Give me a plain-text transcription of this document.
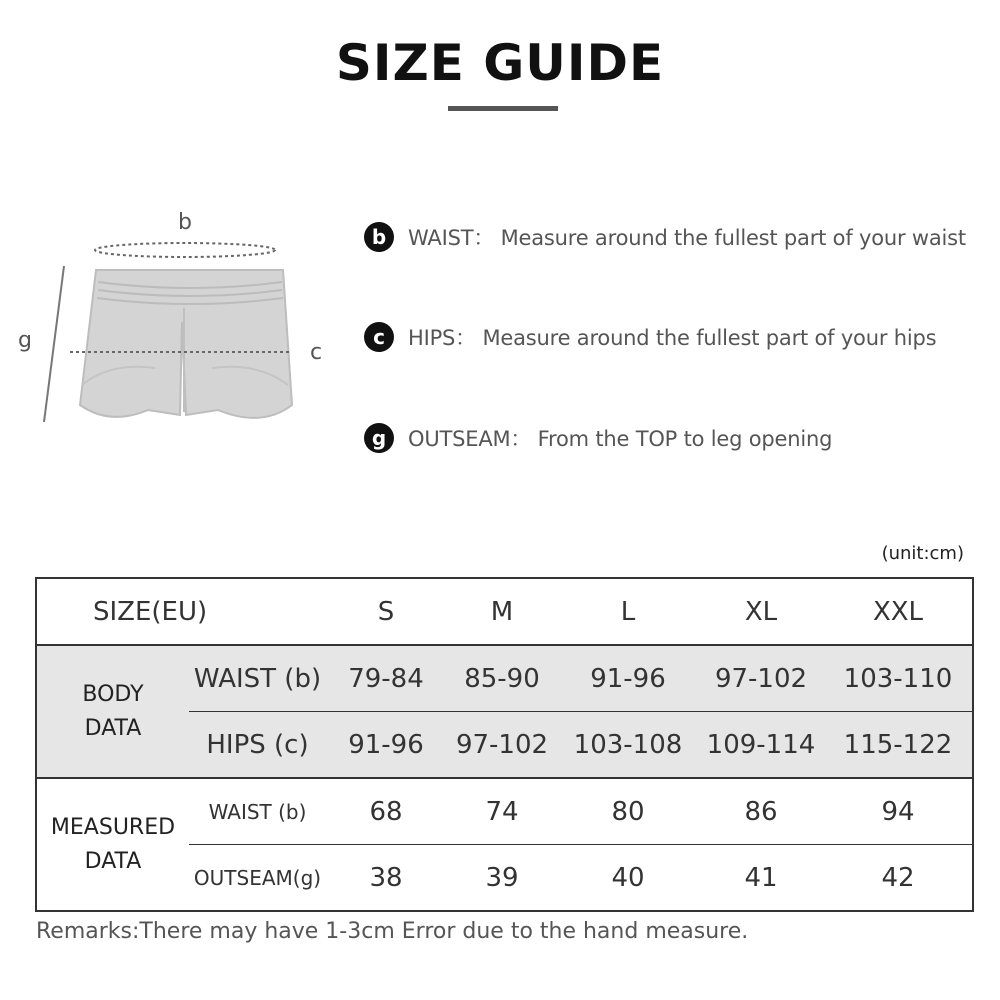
SIZE GUIDE
b
g	c
b	WAIST： Measure around the fullest part of your waist
c	HIPS： Measure around the fullest part of your hips
g	OUTSEAM： From the TOP to leg opening
(unit:cm)
SIZE(EU)		S	M	L	XL	XXL

BODY
DATA	WAIST (b)	79-84	85-90	91-96	97-102	103-110
	HIPS (c)	91-96	97-102	103-108	109-114	115-122

MEASURED
DATA	WAIST (b)	68	74	80	86	94
	OUTSEAM(g)	38	39	40	41	42
Remarks:There may have 1-3cm Error due to the hand measure.
